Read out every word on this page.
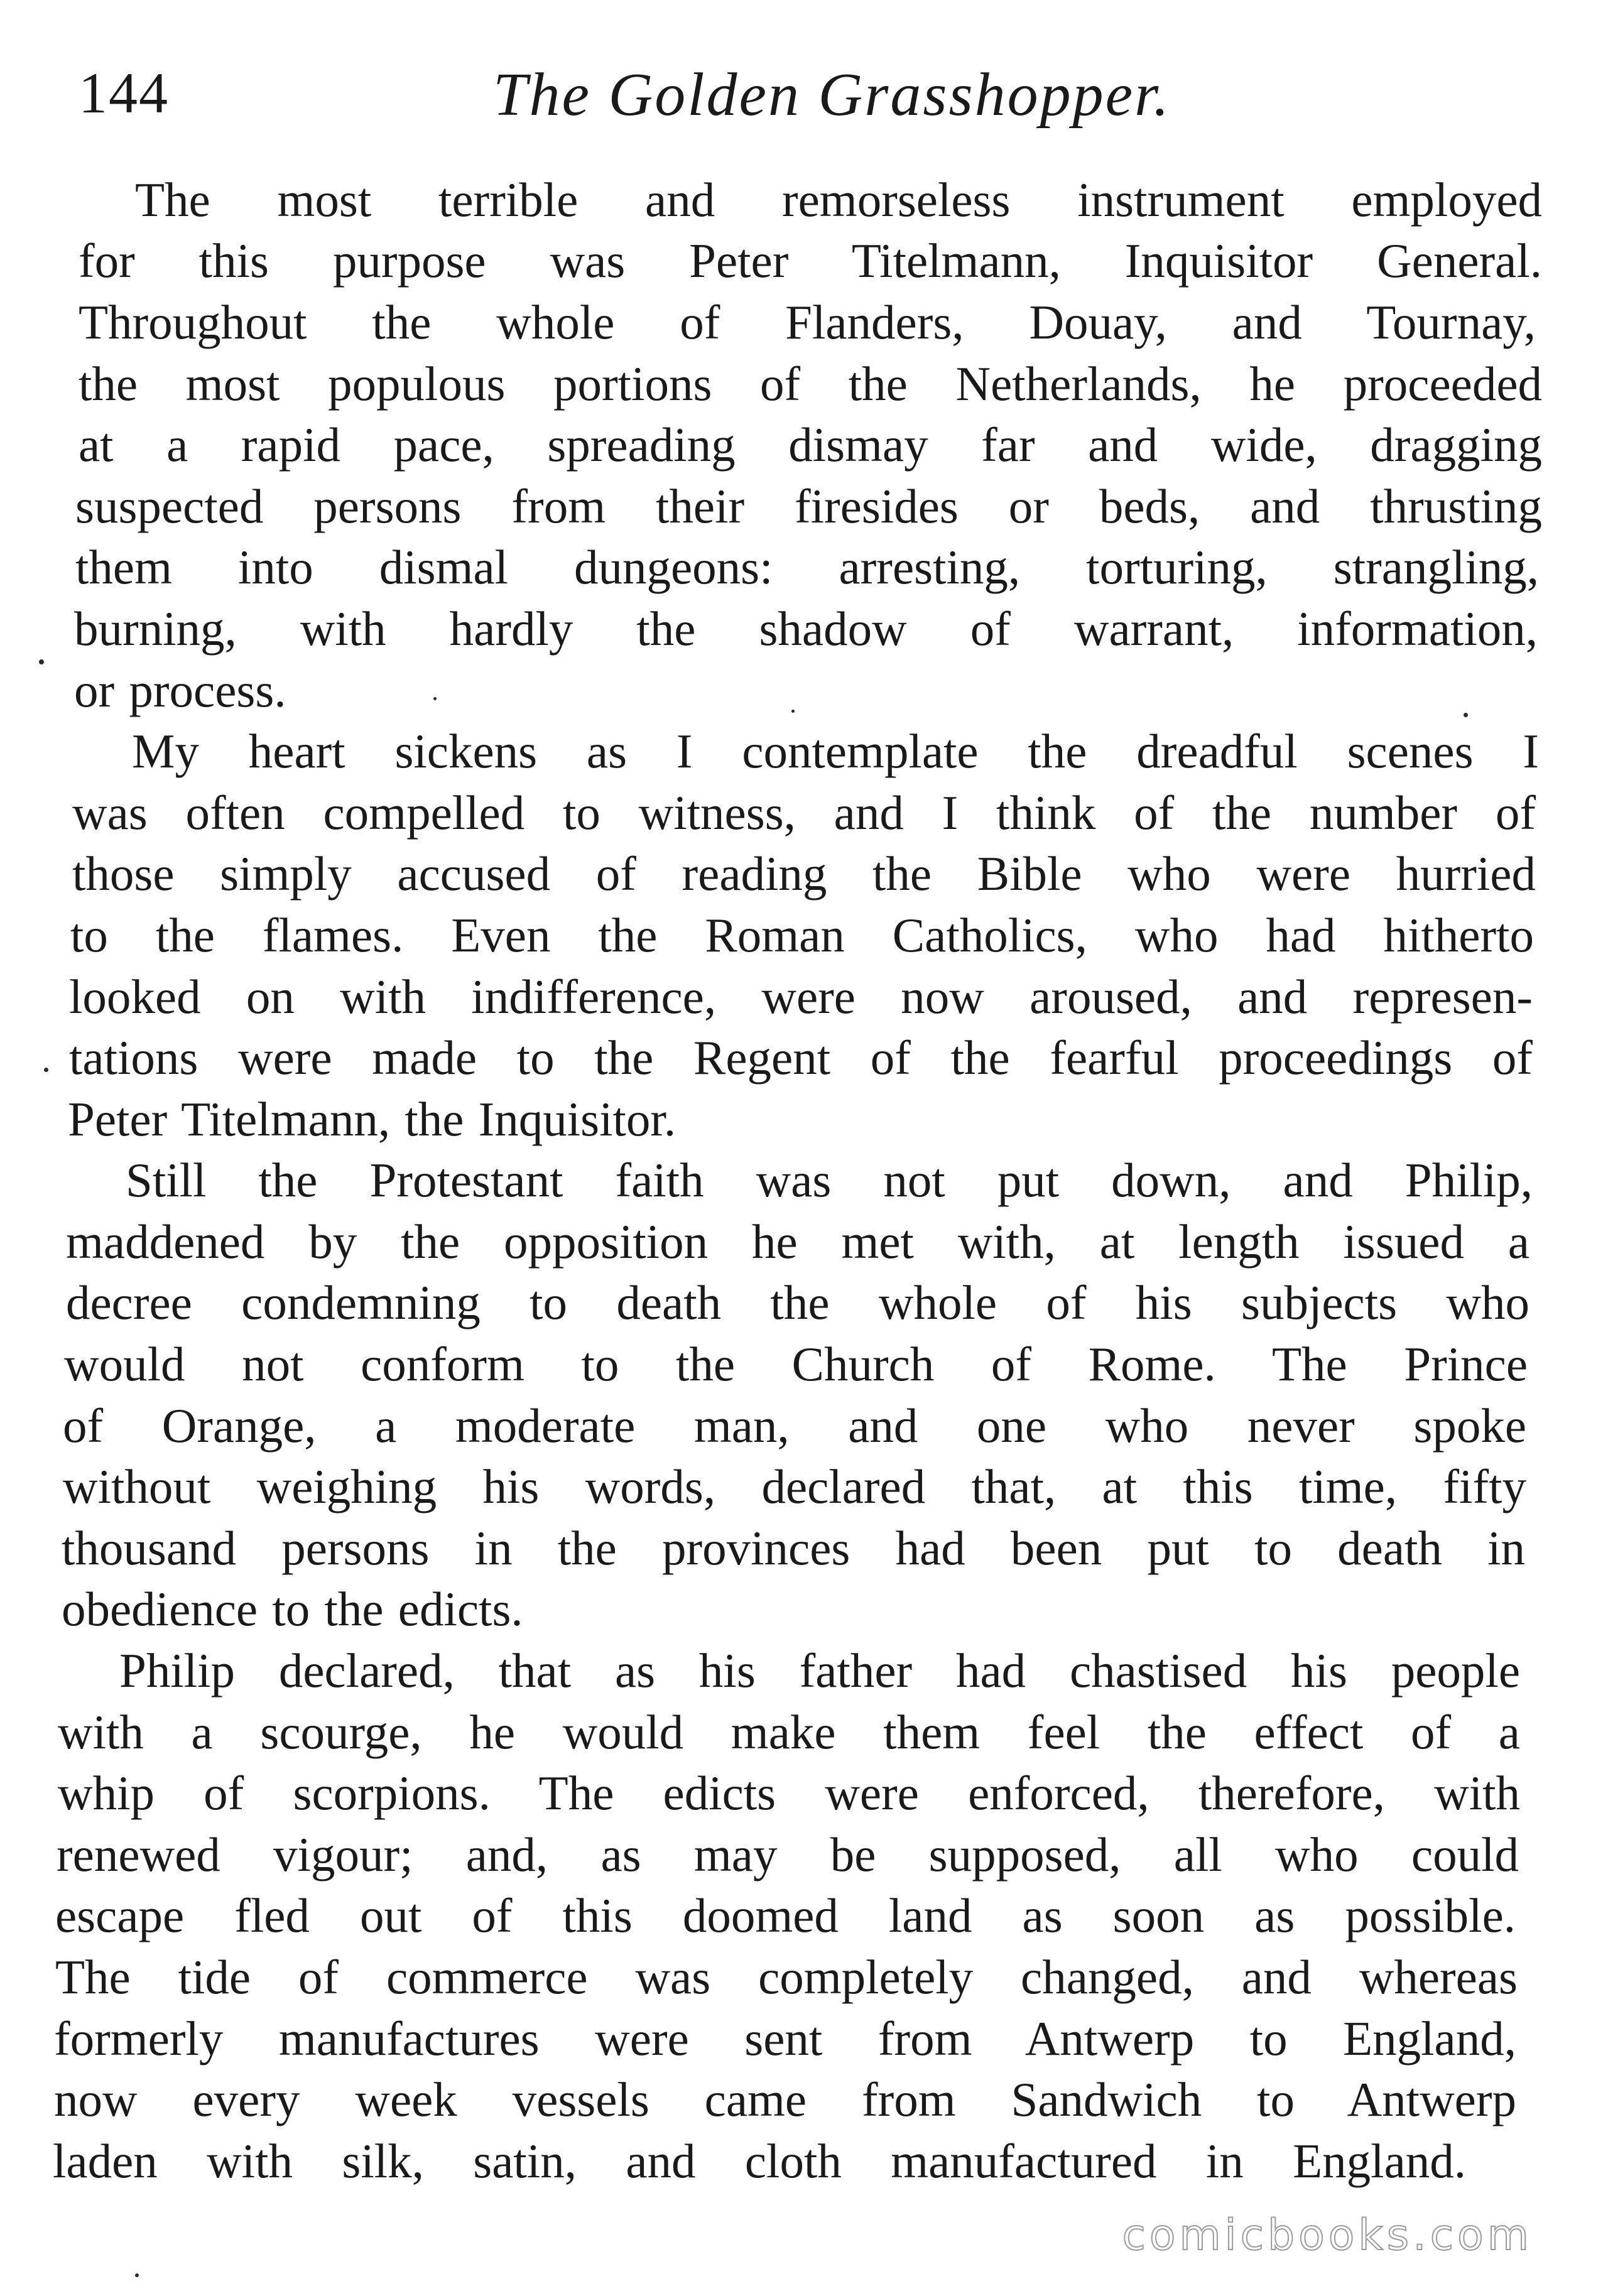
144	The Golden Grasshopper.
The most terrible and remorseless instrument employed
for this purpose was Peter Titelmann, Inquisitor General.
Throughout the whole of Flanders, Douay, and Tournay,
the most populous portions of the Netherlands, he proceeded
at a rapid pace, spreading dismay far and wide, dragging
suspected persons from their firesides or beds, and thrusting
them into dismal dungeons: arresting, torturing, strangling,
burning, with hardly the shadow of warrant, information,
or process.
My heart sickens as I contemplate the dreadful scenes I
was often compelled to witness, and I think of the number of
those simply accused of reading the Bible who were hurried
to the flames. Even the Roman Catholics, who had hitherto
looked on with indifference, were now aroused, and represen-
tations were made to the Regent of the fearful proceedings of
Peter Titelmann, the Inquisitor.
Still the Protestant faith was not put down, and Philip,
maddened by the opposition he met with, at length issued a
decree condemning to death the whole of his subjects who
would not conform to the Church of Rome. The Prince
of Orange, a moderate man, and one who never spoke
without weighing his words, declared that, at this time, fifty
thousand persons in the provinces had been put to death in
obedience to the edicts.
Philip declared, that as his father had chastised his people
with a scourge, he would make them feel the effect of a
whip of scorpions. The edicts were enforced, therefore, with
renewed vigour; and, as may be supposed, all who could
escape fled out of this doomed land as soon as possible.
The tide of commerce was completely changed, and whereas
formerly manufactures were sent from Antwerp to England,
now every week vessels came from Sandwich to Antwerp
laden with silk, satin, and cloth manufactured in England.
comicbooks.com
